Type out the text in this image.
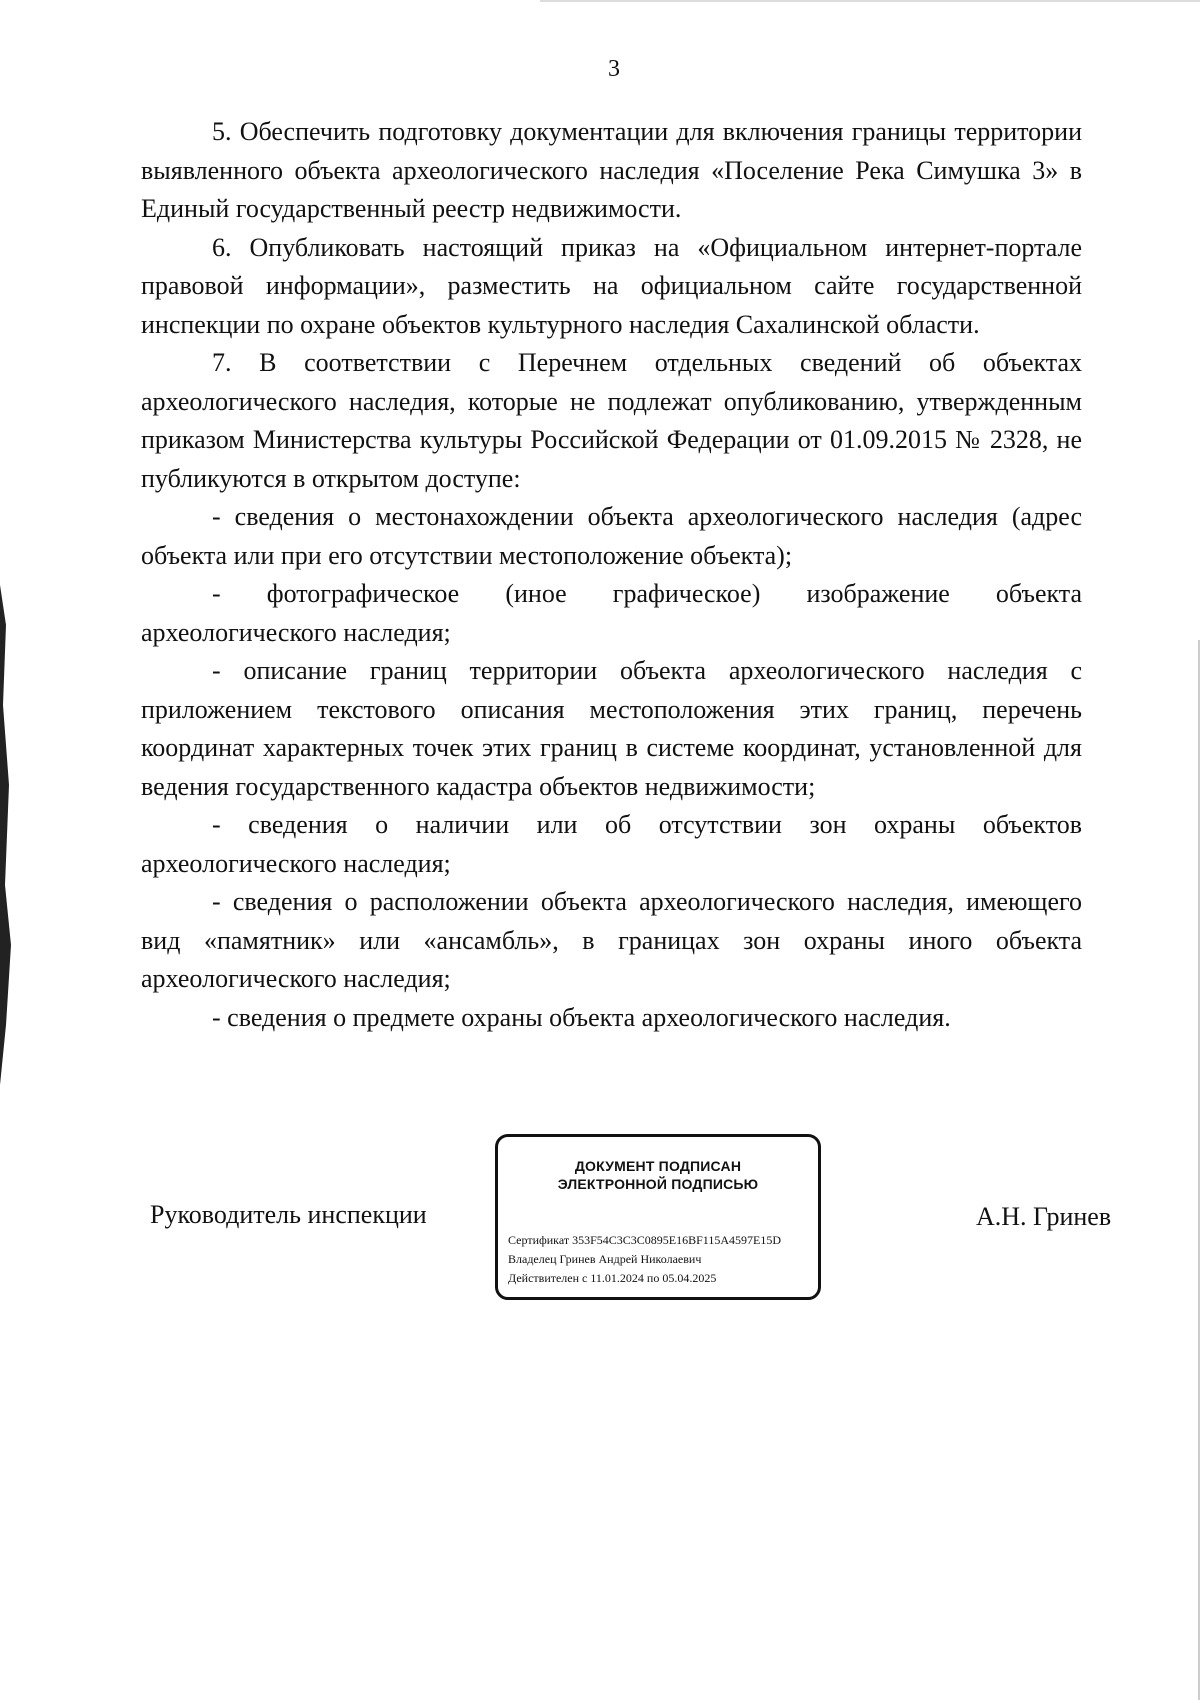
3

5. Обеспечить подготовку документации для включения границы территории выявленного объекта археологического наследия «Поселение Река Симушка 3» в Единый государственный реестр недвижимости.

6. Опубликовать настоящий приказ на «Официальном интернет-портале правовой информации», разместить на официальном сайте государственной инспекции по охране объектов культурного наследия Сахалинской области.

7. В соответствии с Перечнем отдельных сведений об объектах археологического наследия, которые не подлежат опубликованию, утвержденным приказом Министерства культуры Российской Федерации от 01.09.2015 № 2328, не публикуются в открытом доступе:

- сведения о местонахождении объекта археологического наследия (адрес объекта или при его отсутствии местоположение объекта);

- фотографическое (иное графическое) изображение объекта археологического наследия;

- описание границ территории объекта археологического наследия с приложением текстового описания местоположения этих границ, перечень координат характерных точек этих границ в системе координат, установленной для ведения государственного кадастра объектов недвижимости;

- сведения о наличии или об отсутствии зон охраны объектов археологического наследия;

- сведения о расположении объекта археологического наследия, имеющего вид «памятник» или «ансамбль», в границах зон охраны иного объекта археологического наследия;

- сведения о предмете охраны объекта археологического наследия.

Руководитель инспекции
ДОКУМЕНТ ПОДПИСАН
ЭЛЕКТРОННОЙ ПОДПИСЬЮ
Сертификат 353F54C3C3C0895E16BF115A4597E15D
Владелец Гринев Андрей Николаевич
Действителен с 11.01.2024 по 05.04.2025
А.Н. Гринев
